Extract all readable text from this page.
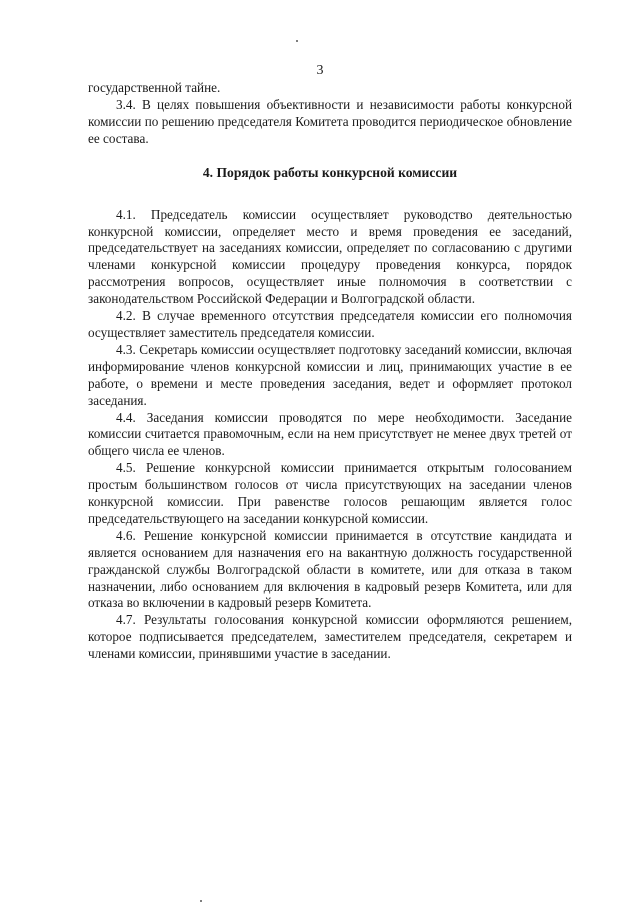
3

государственной тайне.

3.4. В целях повышения объективности и независимости работы конкурсной комиссии по решению председателя Комитета проводится периодическое обновление ее состава.

4. Порядок работы конкурсной комиссии

4.1. Председатель комиссии осуществляет руководство деятельностью конкурсной комиссии, определяет место и время проведения ее заседаний, председательствует на заседаниях комиссии, определяет по согласованию с другими членами конкурсной комиссии процедуру проведения конкурса, порядок рассмотрения вопросов, осуществляет иные полномочия в соответствии с законодательством Российской Федерации и Волгоградской области.

4.2. В случае временного отсутствия председателя комиссии его полномочия осуществляет заместитель председателя комиссии.

4.3. Секретарь комиссии осуществляет подготовку заседаний комиссии, включая информирование членов конкурсной комиссии и лиц, принимающих участие в ее работе, о времени и месте проведения заседания, ведет и оформляет протокол заседания.

4.4. Заседания комиссии проводятся по мере необходимости. Заседание комиссии считается правомочным, если на нем присутствует не менее двух третей от общего числа ее членов.

4.5. Решение конкурсной комиссии принимается открытым голосованием простым большинством голосов от числа присутствующих на заседании членов конкурсной комиссии. При равенстве голосов решающим является голос председательствующего на заседании конкурсной комиссии.

4.6. Решение конкурсной комиссии принимается в отсутствие кандидата и является основанием для назначения его на вакантную должность государственной гражданской службы Волгоградской области в комитете, или для отказа в таком назначении, либо основанием для включения в кадровый резерв Комитета, или для отказа во включении в кадровый резерв Комитета.

4.7. Результаты голосования конкурсной комиссии оформляются решением, которое подписывается председателем, заместителем председателя, секретарем и членами комиссии, принявшими участие в заседании.
